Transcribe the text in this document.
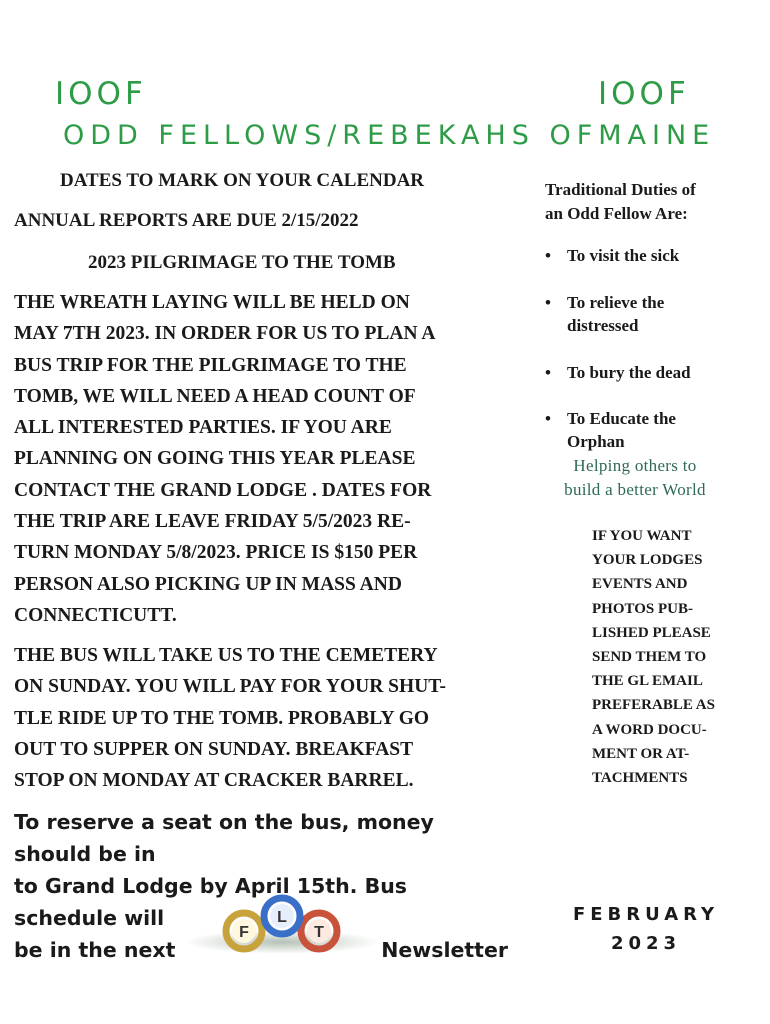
IOOF	IOOF
ODD FELLOWS/REBEKAHS OFMAINE
DATES TO MARK ON YOUR CALENDAR
ANNUAL REPORTS ARE DUE 2/15/2022
2023 PILGRIMAGE TO THE TOMB
THE WREATH LAYING WILL BE HELD ON
MAY 7TH 2023. IN ORDER FOR US TO PLAN A
BUS TRIP FOR THE PILGRIMAGE TO THE
TOMB, WE WILL NEED A HEAD COUNT OF
ALL INTERESTED PARTIES. IF YOU ARE
PLANNING ON GOING THIS YEAR PLEASE
CONTACT THE GRAND LODGE . DATES FOR
THE TRIP ARE LEAVE FRIDAY 5/5/2023 RE-
TURN MONDAY 5/8/2023. PRICE IS $150 PER
PERSON ALSO PICKING UP IN MASS AND
CONNECTICUTT.
THE BUS WILL TAKE US TO THE CEMETERY
ON SUNDAY. YOU WILL PAY FOR YOUR SHUT-
TLE RIDE UP TO THE TOMB. PROBABLY GO
OUT TO SUPPER ON SUNDAY. BREAKFAST
STOP ON MONDAY AT CRACKER BARREL.
To reserve a seat on the bus, money should be in
to Grand Lodge by April 15th. Bus schedule will
be in the next	Newsletter
Traditional Duties of
an Odd Fellow Are:
• To visit the sick
• To relieve the
distressed
• To bury the dead
• To Educate the
Orphan
Helping others to
build a better World
IF YOU WANT
YOUR LODGES
EVENTS AND
PHOTOS PUB-
LISHED PLEASE
SEND THEM TO
THE GL EMAIL
PREFERABLE AS
A WORD DOCU-
MENT OR AT-
TACHMENTS
FEBRUARY
2023
F
L
T
